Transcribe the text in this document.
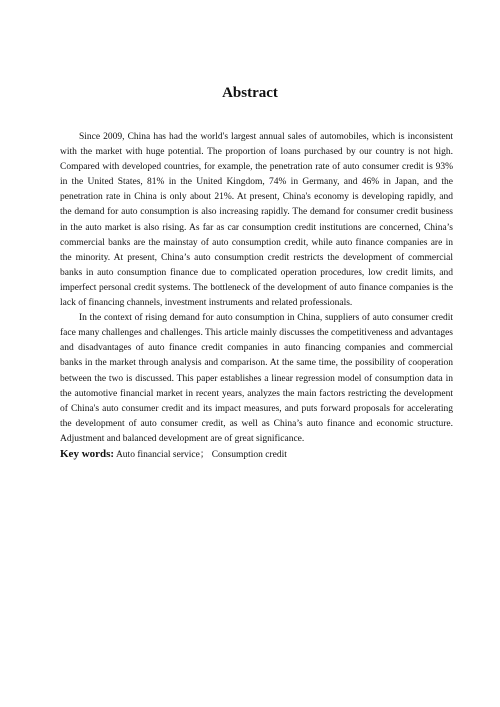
Abstract

Since 2009, China has had the world's largest annual sales of automobiles, which is inconsistent with the market with huge potential. The proportion of loans purchased by our country is not high. Compared with developed countries, for example, the penetration rate of auto consumer credit is 93% in the United States, 81% in the United Kingdom, 74% in Germany, and 46% in Japan, and the penetration rate in China is only about 21%. At present, China's economy is developing rapidly, and the demand for auto consumption is also increasing rapidly. The demand for consumer credit business in the auto market is also rising. As far as car consumption credit institutions are concerned, China’s commercial banks are the mainstay of auto consumption credit, while auto finance companies are in the minority. At present, China’s auto consumption credit restricts the development of commercial banks in auto consumption finance due to complicated operation procedures, low credit limits, and imperfect personal credit systems. The bottleneck of the development of auto finance companies is the lack of financing channels, investment instruments and related professionals.

In the context of rising demand for auto consumption in China, suppliers of auto consumer credit face many challenges and challenges. This article mainly discusses the competitiveness and advantages and disadvantages of auto finance credit companies in auto financing companies and commercial banks in the market through analysis and comparison. At the same time, the possibility of cooperation between the two is discussed. This paper establishes a linear regression model of consumption data in the automotive financial market in recent years, analyzes the main factors restricting the development of China's auto consumer credit and its impact measures, and puts forward proposals for accelerating the development of auto consumer credit, as well as China’s auto finance and economic structure. Adjustment and balanced development are of great significance.

Key words: Auto financial service； Consumption credit
